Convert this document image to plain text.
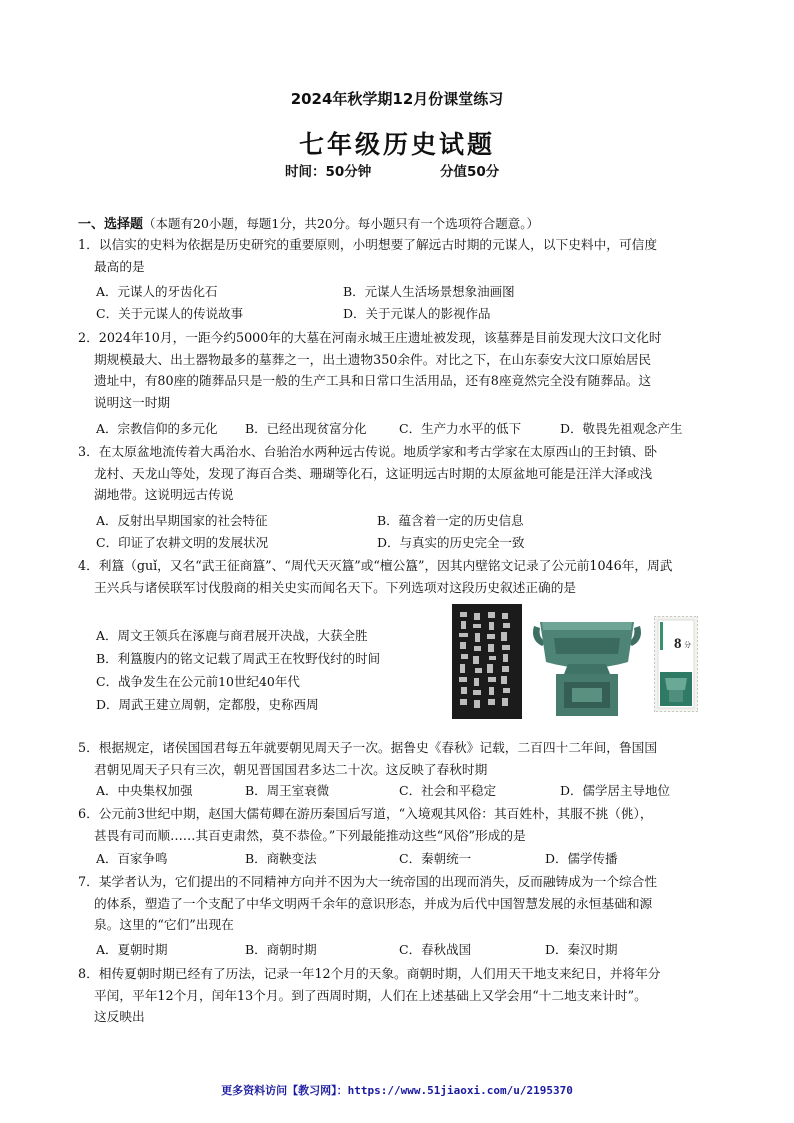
2024年秋学期12月份课堂练习
七年级历史试题
时间：50分钟	分值50分
一、选择题（本题有20小题，每题1分，共20分。每小题只有一个选项符合题意。）
1．以信实的史料为依据是历史研究的重要原则，小明想要了解远古时期的元谋人，以下史料中，可信度
最高的是
A．元谋人的牙齿化石	B．元谋人生活场景想象油画图
C．关于元谋人的传说故事	D．关于元谋人的影视作品
2．2024年10月，一距今约5000年的大墓在河南永城王庄遗址被发现，该墓葬是目前发现大汶口文化时
期规模最大、出土器物最多的墓葬之一，出土遗物350余件。对比之下，在山东泰安大汶口原始居民
遗址中，有80座的随葬品只是一般的生产工具和日常口生活用品，还有8座竟然完全没有随葬品。这
说明这一时期
A．宗教信仰的多元化 B．已经出现贫富分化	C．生产力水平的低下	D．敬畏先祖观念产生
3．在太原盆地流传着大禹治水、台骀治水两种远古传说。地质学家和考古学家在太原西山的王封镇、卧
龙村、天龙山等处，发现了海百合类、珊瑚等化石，这证明远古时期的太原盆地可能是汪洋大泽或浅
湖地带。这说明远古传说
A．反射出早期国家的社会特征	B．蕴含着一定的历史信息
C．印证了农耕文明的发展状况	D．与真实的历史完全一致
4．利簋（guǐ，又名“武王征商簋”、“周代天灭簋”或“檀公簋”，因其内壁铭文记录了公元前1046年，周武
王兴兵与诸侯联军讨伐殷商的相关史实而闻名天下。下列选项对这段历史叙述正确的是
A．周文王领兵在涿鹿与商君展开决战，大获全胜
B．利簋腹内的铭文记载了周武王在牧野伐纣的时间
C．战争发生在公元前10世纪40年代
D．周武王建立周朝，定都殷，史称西周
8 分
5．根据规定，诸侯国国君每五年就要朝见周天子一次。据鲁史《春秋》记载，二百四十二年间，鲁国国
君朝见周天子只有三次，朝见晋国国君多达二十次。这反映了春秋时期
A．中央集权加强	B．周王室衰微	C．社会和平稳定	D．儒学居主导地位
6．公元前3世纪中期，赵国大儒荀卿在游历秦国后写道，“入境观其风俗：其百姓朴，其服不挑（佻），
甚畏有司而顺……其百吏肃然，莫不恭俭。”下列最能推动这些“风俗”形成的是
A．百家争鸣	B．商鞅变法	C．秦朝统一	D．儒学传播
7．某学者认为，它们提出的不同精神方向并不因为大一统帝国的出现而消失，反而融铸成为一个综合性
的体系，塑造了一个支配了中华文明两千余年的意识形态，并成为后代中国智慧发展的永恒基础和源
泉。这里的“它们”出现在
A．夏朝时期	B．商朝时期	C．春秋战国	D．秦汉时期
8．相传夏朝时期已经有了历法，记录一年12个月的天象。商朝时期，人们用天干地支来纪日，并将年分
平闰，平年12个月，闰年13个月。到了西周时期，人们在上述基础上又学会用“十二地支来计时”。
这反映出
更多资料访问【教习网】：https://www.51jiaoxi.com/u/2195370
